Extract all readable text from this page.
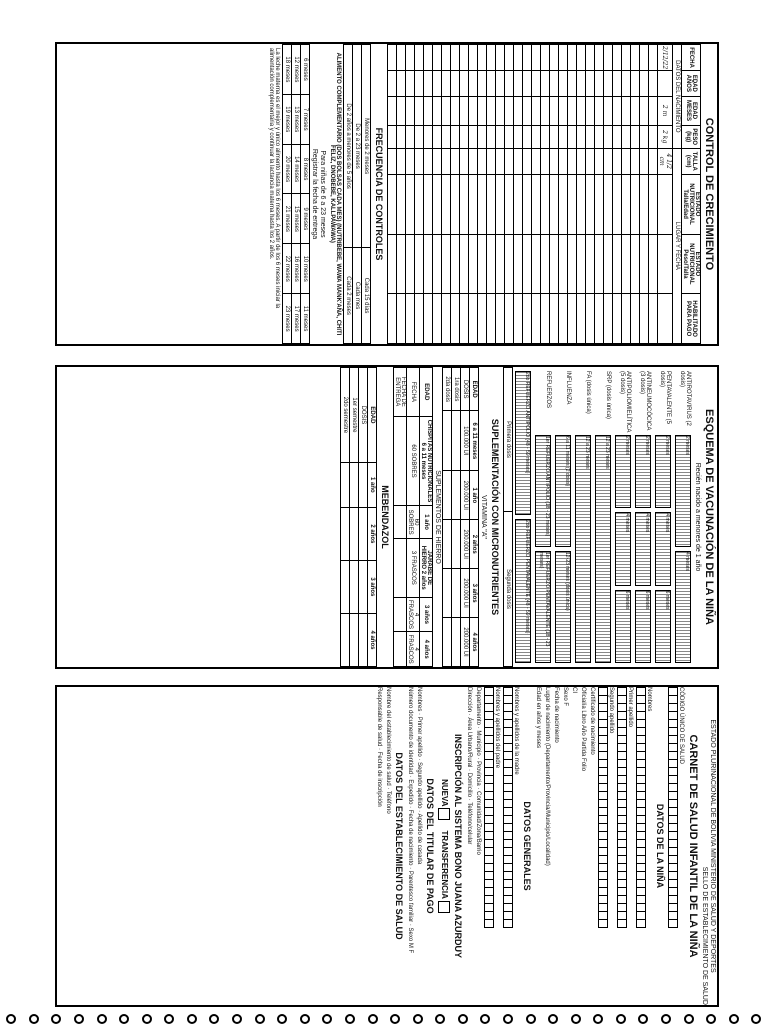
CONTROL DE CRECIMIENTO
FECHA	EDAD AÑOS	EDAD MESES	PESO (kg)	TALLA (cm)	ESTADO NUTRICIONAL Talla/Edad	ESTADO NUTRICIONAL Peso/Talla	HABILITADO PARA PAGO
DATOS DEL NACIMIENTO				LUGAR Y FECHA			
2/12/22		2 m	2 kg	4 1/2 cm			

FRECUENCIA DE CONTROLES
Menores de 2 meses	Cada 15 días
De 2 a 23 meses	Cada mes
De 2 años a menores de 5 años	Cada 2 meses
ALIMENTO COMPLEMENTARIO (DOS BOLSAS CADA MES) (NUTRIBEBE, WAWA MANK'AÑA, CHITI FELIZ, DNOBEBE, KALLPAWAWA)
Para niñas de 6 a 23 meses
Registrar la fecha de entrega
6 meses	7 meses	8 meses	9 meses	10 meses	11 meses
12 meses	13 meses	14 meses	15 meses	16 meses	17 meses
18 meses	19 meses	20 meses	21 meses	22 meses	23 meses
La leche materna es el mejor y único alimento hasta los 6 meses. A partir de los 6 meses iniciar la alimentación complementaria y continuar la lactancia materna hasta los 2 años.
ESQUEMA DE VACUNACIÓN DE LA NIÑA
Recién nacido a menores de 1 año
ANTIROTAVIRUS (2 dosis)
2 meses
4 meses
PENTAVALENTE (5 dosis)
2 meses
4 meses
6 meses
ANTINEUMOCÓCICA (3 dosis)
2 meses
4 meses
6 meses
ANTIPOLIOMIELÍTICA (5 dosis)
2 meses
4 meses
6 meses
SRP (dosis única)
12 a 23 meses
FA (dosis única)
12 a 23 meses
INFLUENZA
6 a 11 meses (2 dosis)
12-23 meses (dosis única)
REFUERZOS
1er REFUERZO ANTIPOLIO (18 - 23 meses)
1er REFUERZO PENTAVALENTE (18 - 23 meses)
2do REFUERZO ANTIPOLIO (48 - 59 meses)
2do REFUERZO PENTAVALENTE (48 - 59 meses)
Primera dosis	Segunda dosis
SUPLEMENTACIÓN CON MICRONUTRIENTES
VITAMINA "A"
EDAD	6 a 11 meses	1 año	2 años	3 años	4 años
DOSIS	100.000 UI	200.000 UI	200.000 UI	200.000 UI	200.000 UI
1ra dosis					
2da dosis					
SUPLEMENTOS DE HIERRO
EDAD	CHISPITAS NUTRICIONALES 6 a 11 meses	1 año	JARABE DE HIERRO 2 años	3 años	4 años
FECHA	60 SOBRES	60 SOBRES	3 FRASCOS	4 FRASCOS	4 FRASCOS
FECHA DE ENTREGA					
MEBENDAZOL
EDAD	1 año	2 años	3 años	4 años
DOSIS				
1er semestre				
2do semestre				
ESTADO PLURINACIONAL DE BOLIVIA MINISTERIO DE SALUD Y DEPORTES
SELLO DE ESTABLECIMIENTO DE SALUD
CARNET DE SALUD INFANTIL DE LA NIÑA
CÓDIGO ÚNICO DE SALUD
DATOS DE LA NIÑA
Nombres
Primer apellido
Segundo apellido
Certificado de nacimiento
Oficialía Libro Año Partida Folio
CI
Sexo F
Fecha de nacimiento
Lugar de nacimiento (Departamento/Provincia/Municipio/Localidad)
Edad en años y meses
DATOS GENERALES
Nombres y apellidos de la madre
Nombres y apellidos del padre
Departamento · Municipio · Provincia · Comunidad/Zona/Barrio
Dirección · Área Urbano/Rural · Domicilio · Teléfono/celular
INSCRIPCIÓN AL SISTEMA BONO JUANA AZURDUY
NUEVA
TRANSFERENCIA
DATOS DEL TITULAR DE PAGO
Nombres · Primer apellido · Segundo apellido · Apellido de casada
Número documento de identidad · Expedido · Fecha de nacimiento · Parentesco familiar · Sexo M F
DATOS DEL ESTABLECIMIENTO DE SALUD
Nombre del establecimiento de salud · Teléfono
Responsable de salud · Fecha de inscripción
